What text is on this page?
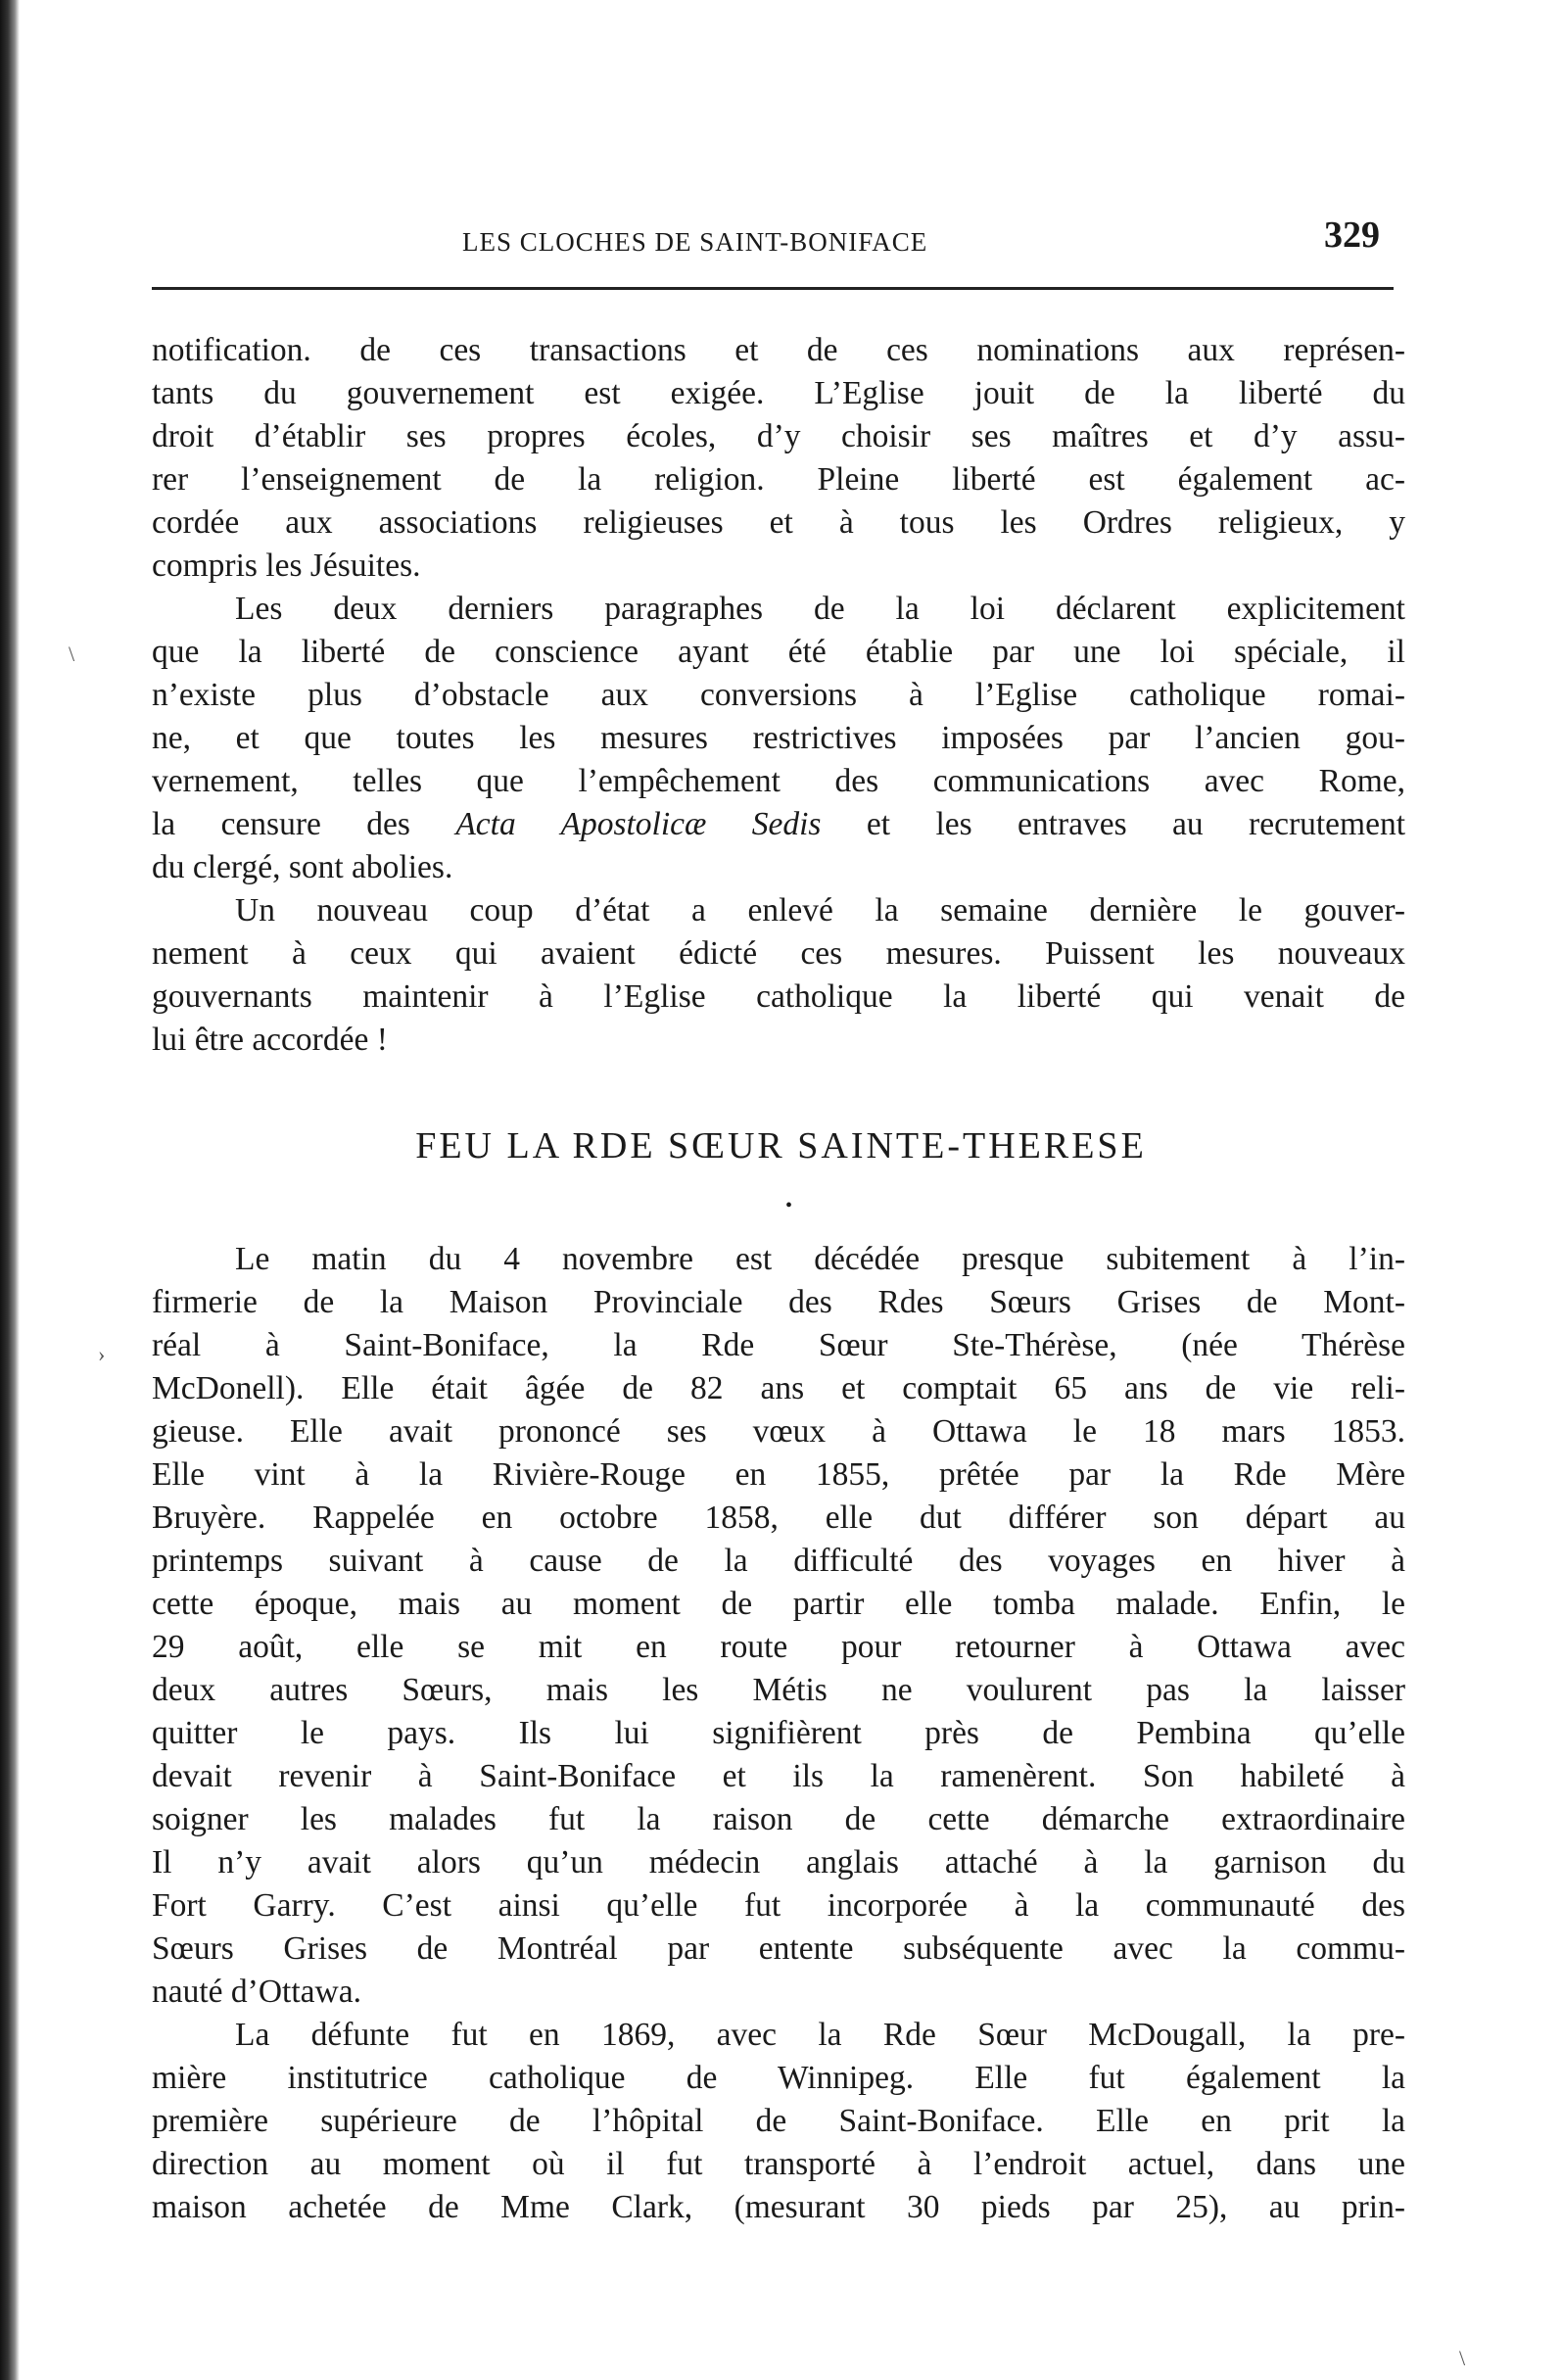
LES CLOCHES DE SAINT-BONIFACE	329
notification. de ces transactions et de ces nominations aux représen-
tants du gouvernement est exigée. L’Eglise jouit de la liberté du
droit d’établir ses propres écoles, d’y choisir ses maîtres et d’y assu-
rer l’enseignement de la religion. Pleine liberté est également ac-
cordée aux associations religieuses et à tous les Ordres religieux, y
compris les Jésuites.
Les deux derniers paragraphes de la loi déclarent explicitement
que la liberté de conscience ayant été établie par une loi spéciale, il
n’existe plus d’obstacle aux conversions à l’Eglise catholique romai-
ne, et que toutes les mesures restrictives imposées par l’ancien gou-
vernement, telles que l’empêchement des communications avec Rome,
la censure des Acta Apostolicæ Sedis et les entraves au recrutement
du clergé, sont abolies.
Un nouveau coup d’état a enlevé la semaine dernière le gouver-
nement à ceux qui avaient édicté ces mesures. Puissent les nouveaux
gouvernants maintenir à l’Eglise catholique la liberté qui venait de
lui être accordée !
FEU LA RDE SŒUR SAINTE-THERESE
•
Le matin du 4 novembre est décédée presque subitement à l’in-
firmerie de la Maison Provinciale des Rdes Sœurs Grises de Mont-
réal à Saint-Boniface, la Rde Sœur Ste-Thérèse, (née Thérèse
McDonell). Elle était âgée de 82 ans et comptait 65 ans de vie reli-
gieuse. Elle avait prononcé ses vœux à Ottawa le 18 mars 1853.
Elle vint à la Rivière-Rouge en 1855, prêtée par la Rde Mère
Bruyère. Rappelée en octobre 1858, elle dut différer son départ au
printemps suivant à cause de la difficulté des voyages en hiver à
cette époque, mais au moment de partir elle tomba malade. Enfin, le
29 août, elle se mit en route pour retourner à Ottawa avec
deux autres Sœurs, mais les Métis ne voulurent pas la laisser
quitter le pays. Ils lui signifièrent près de Pembina qu’elle
devait revenir à Saint-Boniface et ils la ramenèrent. Son habileté à
soigner les malades fut la raison de cette démarche extraordinaire
Il n’y avait alors qu’un médecin anglais attaché à la garnison du
Fort Garry. C’est ainsi qu’elle fut incorporée à la communauté des
Sœurs Grises de Montréal par entente subséquente avec la commu-
nauté d’Ottawa.
La défunte fut en 1869, avec la Rde Sœur McDougall, la pre-
mière institutrice catholique de Winnipeg. Elle fut également la
première supérieure de l’hôpital de Saint-Boniface. Elle en prit la
direction au moment où il fut transporté à l’endroit actuel, dans une
maison achetée de Mme Clark, (mesurant 30 pieds par 25), au prin-
\
\
›
